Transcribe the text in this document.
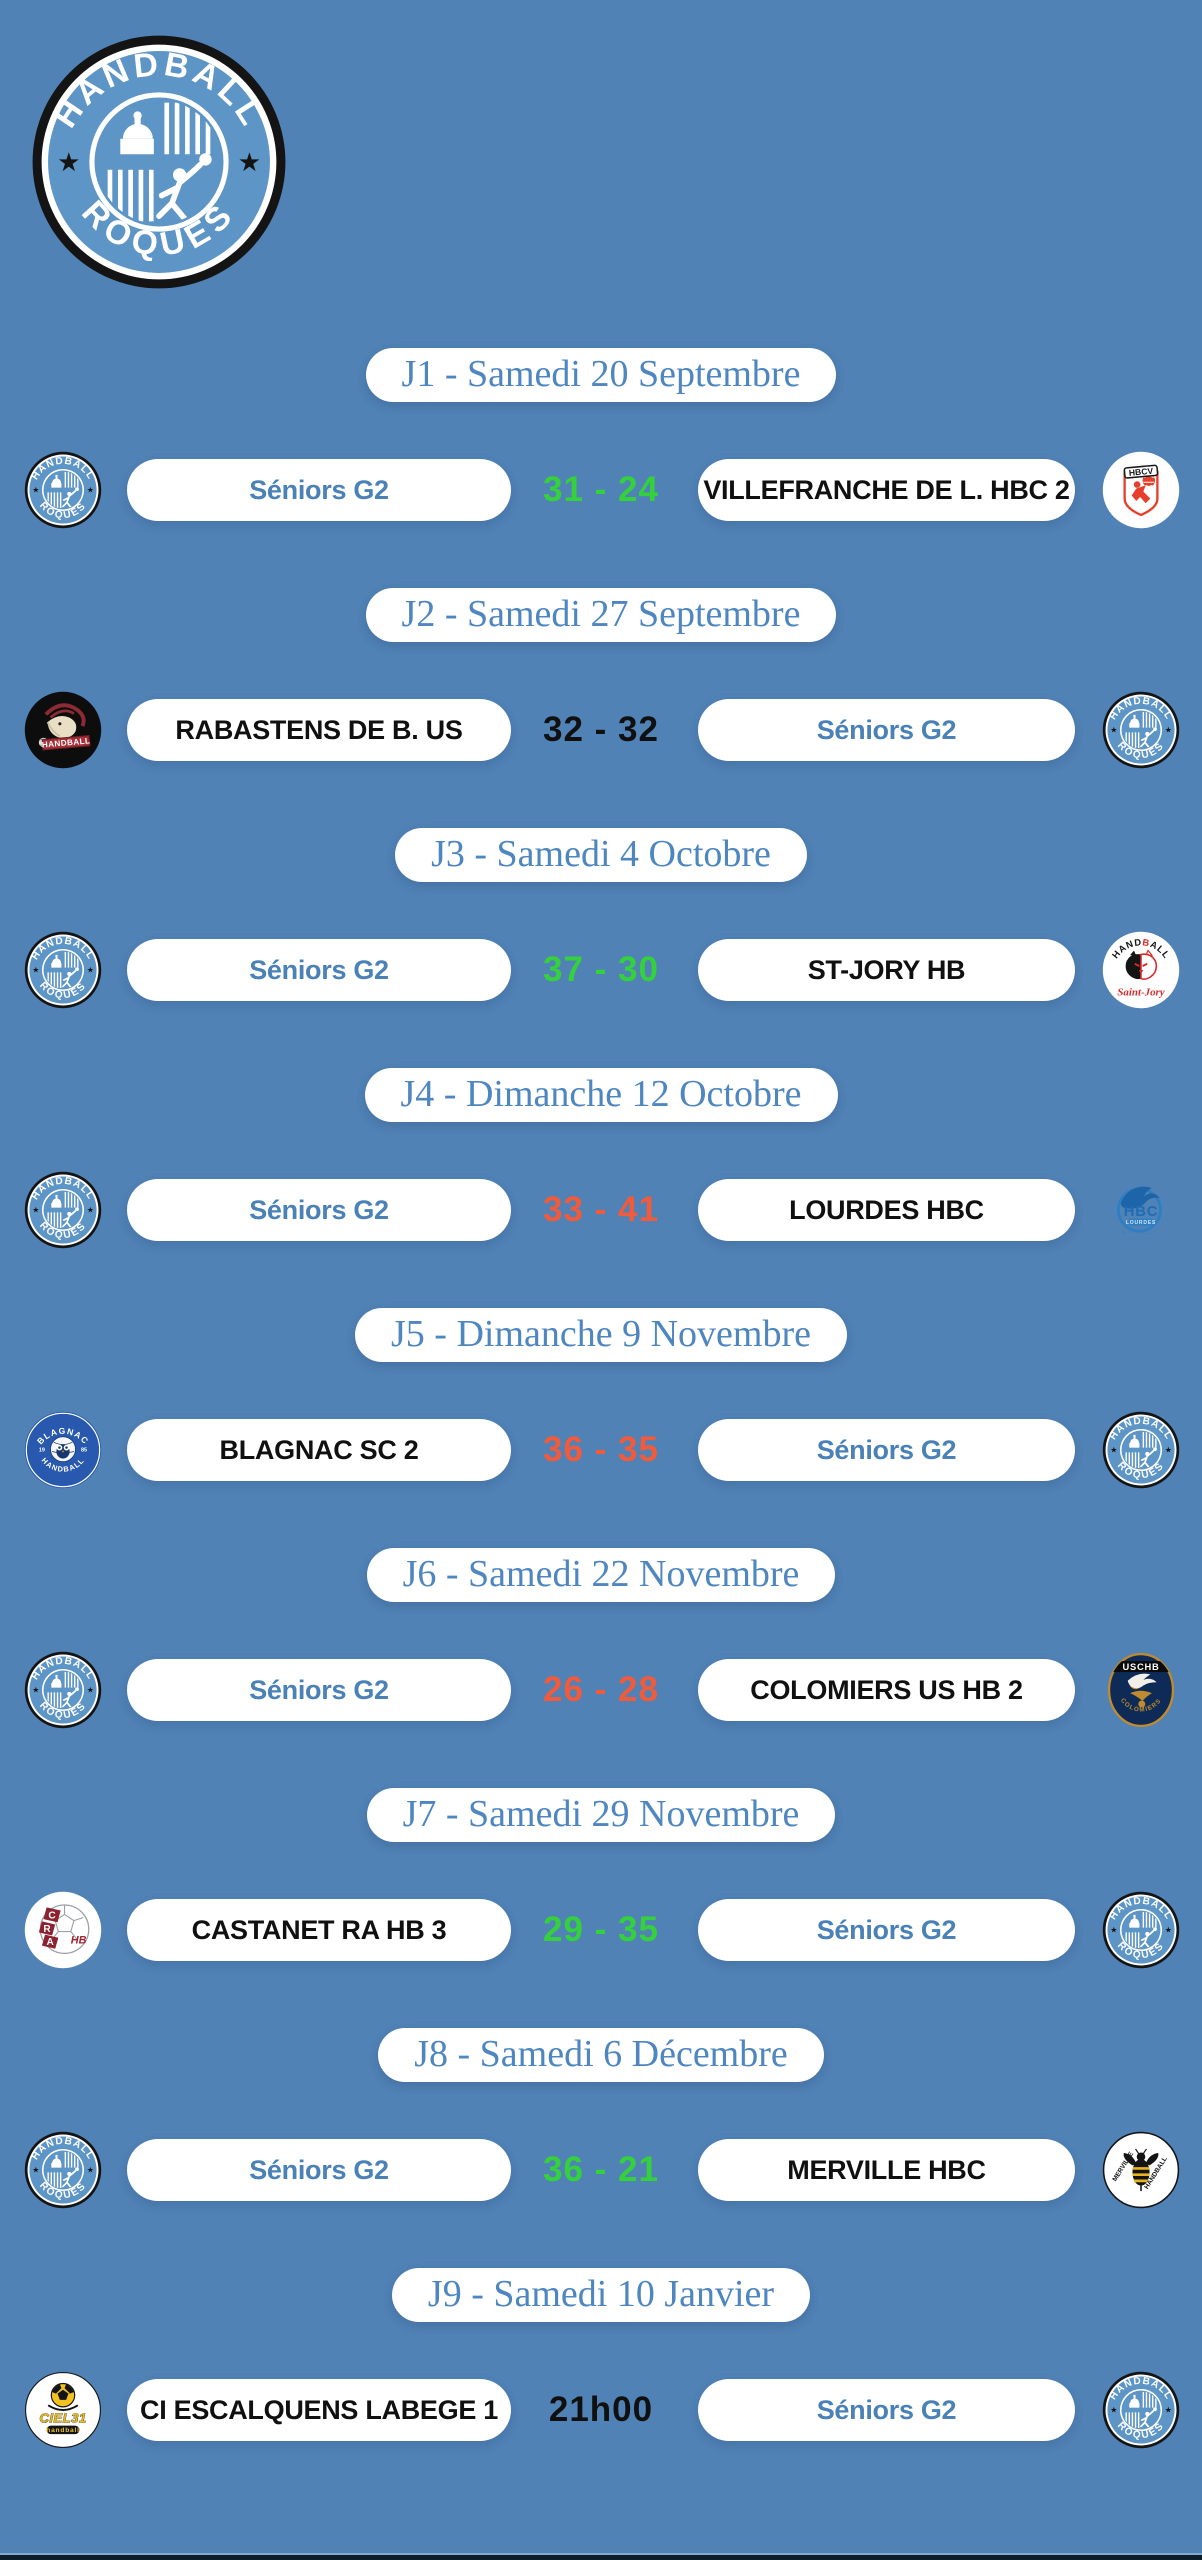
J1 - Samedi 20 Septembre
Séniors G2	31 - 24	VILLEFRANCHE DE L. HBC 2
J2 - Samedi 27 Septembre
RABASTENS DE B. US	32 - 32	Séniors G2
J3 - Samedi 4 Octobre
Séniors G2	37 - 30	ST-JORY HB
J4 - Dimanche 12 Octobre
Séniors G2	33 - 41	LOURDES HBC
J5 - Dimanche 9 Novembre
BLAGNAC SC 2	36 - 35	Séniors G2
J6 - Samedi 22 Novembre
Séniors G2	26 - 28	COLOMIERS US HB 2
J7 - Samedi 29 Novembre
CASTANET RA HB 3	29 - 35	Séniors G2
J8 - Samedi 6 Décembre
Séniors G2	36 - 21	MERVILLE HBC
J9 - Samedi 10 Janvier
CI ESCALQUENS LABEGE 1	21h00	Séniors G2
